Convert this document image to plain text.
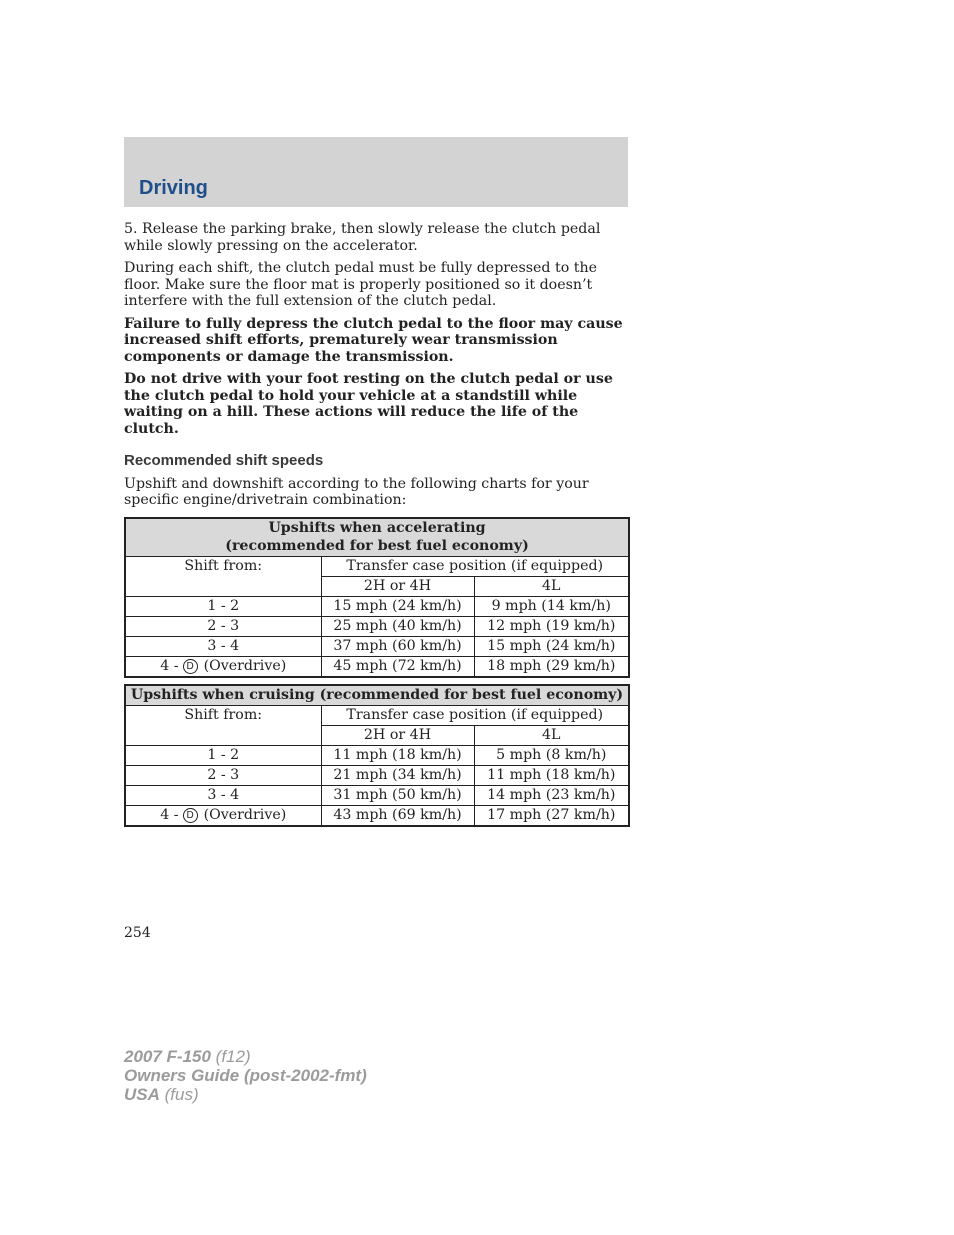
Driving

5. Release the parking brake, then slowly release the clutch pedal while slowly pressing on the accelerator.

During each shift, the clutch pedal must be fully depressed to the floor. Make sure the floor mat is properly positioned so it doesn’t interfere with the full extension of the clutch pedal.

Failure to fully depress the clutch pedal to the floor may cause increased shift efforts, prematurely wear transmission components or damage the transmission.

Do not drive with your foot resting on the clutch pedal or use the clutch pedal to hold your vehicle at a standstill while waiting on a hill. These actions will reduce the life of the clutch.

Recommended shift speeds

Upshift and downshift according to the following charts for your specific engine/drivetrain combination:

Upshifts when accelerating
(recommended for best fuel economy)		
Shift from:	Transfer case position (if equipped)	
	2H or 4H	4L
1 - 2	15 mph (24 km/h)	9 mph (14 km/h)
2 - 3	25 mph (40 km/h)	12 mph (19 km/h)
3 - 4	37 mph (60 km/h)	15 mph (24 km/h)
4 - D (Overdrive)	45 mph (72 km/h)	18 mph (29 km/h)
Upshifts when cruising (recommended for best fuel economy)		
Shift from:	Transfer case position (if equipped)	
	2H or 4H	4L
1 - 2	11 mph (18 km/h)	5 mph (8 km/h)
2 - 3	21 mph (34 km/h)	11 mph (18 km/h)
3 - 4	31 mph (50 km/h)	14 mph (23 km/h)
4 - D (Overdrive)	43 mph (69 km/h)	17 mph (27 km/h)
254
2007 F-150 (f12)
Owners Guide (post-2002-fmt)
USA (fus)
